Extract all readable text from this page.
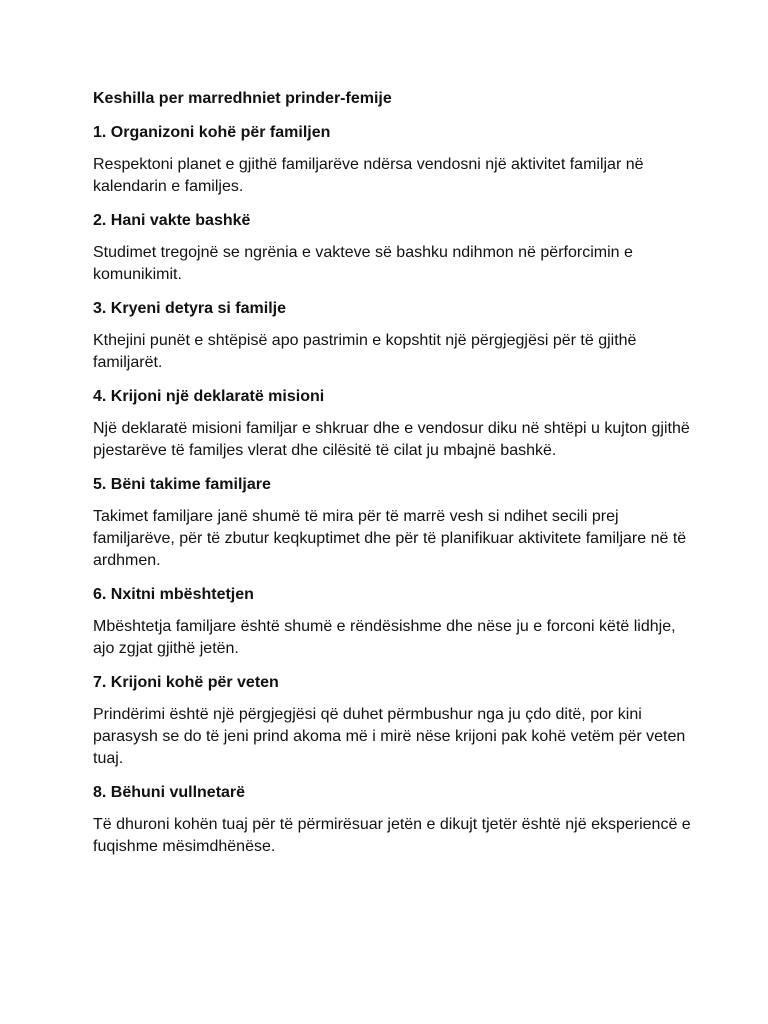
Keshilla per marredhniet prinder-femije
1. Organizoni kohë për familjen
Respektoni planet e gjithë familjarëve ndërsa vendosni një aktivitet familjar në kalendarin e familjes.
2. Hani vakte bashkë
Studimet tregojnë se ngrënia e vakteve së bashku ndihmon në përforcimin e komunikimit.
3. Kryeni detyra si familje
Kthejini punët e shtëpisë apo pastrimin e kopshtit një përgjegjësi për të gjithë familjarët.
4. Krijoni një deklaratë misioni
Një deklaratë misioni familjar e shkruar dhe e vendosur diku në shtëpi u kujton gjithë pjestarëve të familjes vlerat dhe cilësitë të cilat ju mbajnë bashkë.
5. Bëni takime familjare
Takimet familjare janë shumë të mira për të marrë vesh si ndihet secili prej familjarëve, për të zbutur keqkuptimet dhe për të planifikuar aktivitete familjare në të ardhmen.
6. Nxitni mbështetjen
Mbështetja familjare është shumë e rëndësishme dhe nëse ju e forconi këtë lidhje, ajo zgjat gjithë jetën.
7. Krijoni kohë për veten
Prindërimi është një përgjegjësi që duhet përmbushur nga ju çdo ditë, por kini parasysh se do të jeni prind akoma më i mirë nëse krijoni pak kohë vetëm për veten tuaj.
8. Bëhuni vullnetarë
Të dhuroni kohën tuaj për të përmirësuar jetën e dikujt tjetër është një eksperiencë e fuqishme mësimdhënëse.
